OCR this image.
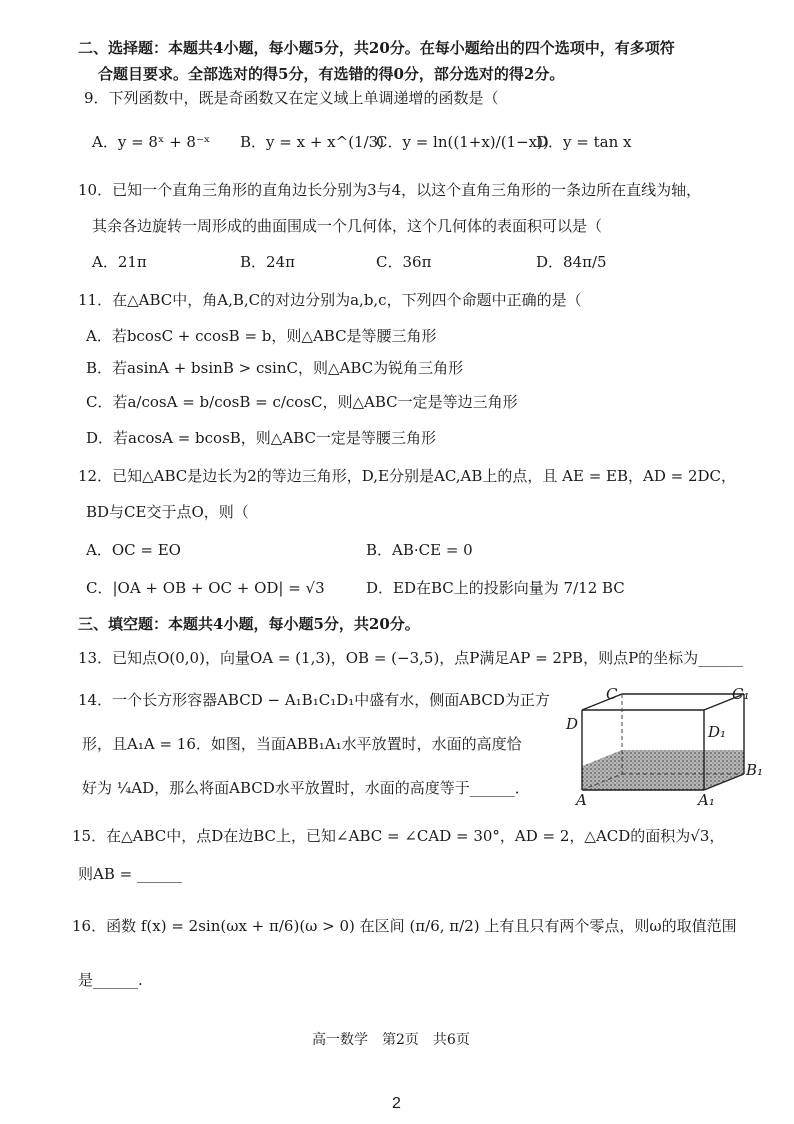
二、选择题：本题共4小题，每小题5分，共20分。在每小题给出的四个选项中，有多项符
合题目要求。全部选对的得5分，有选错的得0分，部分选对的得2分。
9．下列函数中，既是奇函数又在定义域上单调递增的函数是（
A．y = 8ˣ + 8⁻ˣ B．y = x + x^(1/3)
C．y = ln((1+x)/(1−x))
D．y = tan x
10．已知一个直角三角形的直角边长分别为3与4，以这个直角三角形的一条边所在直线为轴，
其余各边旋转一周形成的曲面围成一个几何体，这个几何体的表面积可以是（
A．21π	B．24π	C．36π	D．84π/5
11．在△ABC中，角A,B,C的对边分别为a,b,c，下列四个命题中正确的是（
A．若bcosC + ccosB = b，则△ABC是等腰三角形
B．若asinA + bsinB > csinC，则△ABC为锐角三角形
C．若a/cosA = b/cosB = c/cosC，则△ABC一定是等边三角形
D．若acosA = bcosB，则△ABC一定是等腰三角形
12．已知△ABC是边长为2的等边三角形，D,E分别是AC,AB上的点，且 AE = EB，AD = 2DC，
BD与CE交于点O，则（
A．OC = EO	B．AB·CE = 0
C．|OA + OB + OC + OD| = √3	D．ED在BC上的投影向量为 7/12 BC
三、填空题：本题共4小题，每小题5分，共20分。
13．已知点O(0,0)，向量OA = (1,3)，OB = (−3,5)，点P满足AP = 2PB，则点P的坐标为______
14．一个长方形容器ABCD − A₁B₁C₁D₁中盛有水，侧面ABCD为正方
形，且A₁A = 16．如图，当面ABB₁A₁水平放置时，水面的高度恰
好为 ¼AD，那么将面ABCD水平放置时，水面的高度等于______．
C	C₁
D	D₁
B₁
A	A₁
15．在△ABC中，点D在边BC上，已知∠ABC = ∠CAD = 30°，AD = 2，△ACD的面积为√3，
则AB = ______
16．函数 f(x) = 2sin(ωx + π/6)(ω > 0) 在区间 (π/6, π/2) 上有且只有两个零点，则ω的取值范围
是______.
高一数学　第2页　共6页
2
